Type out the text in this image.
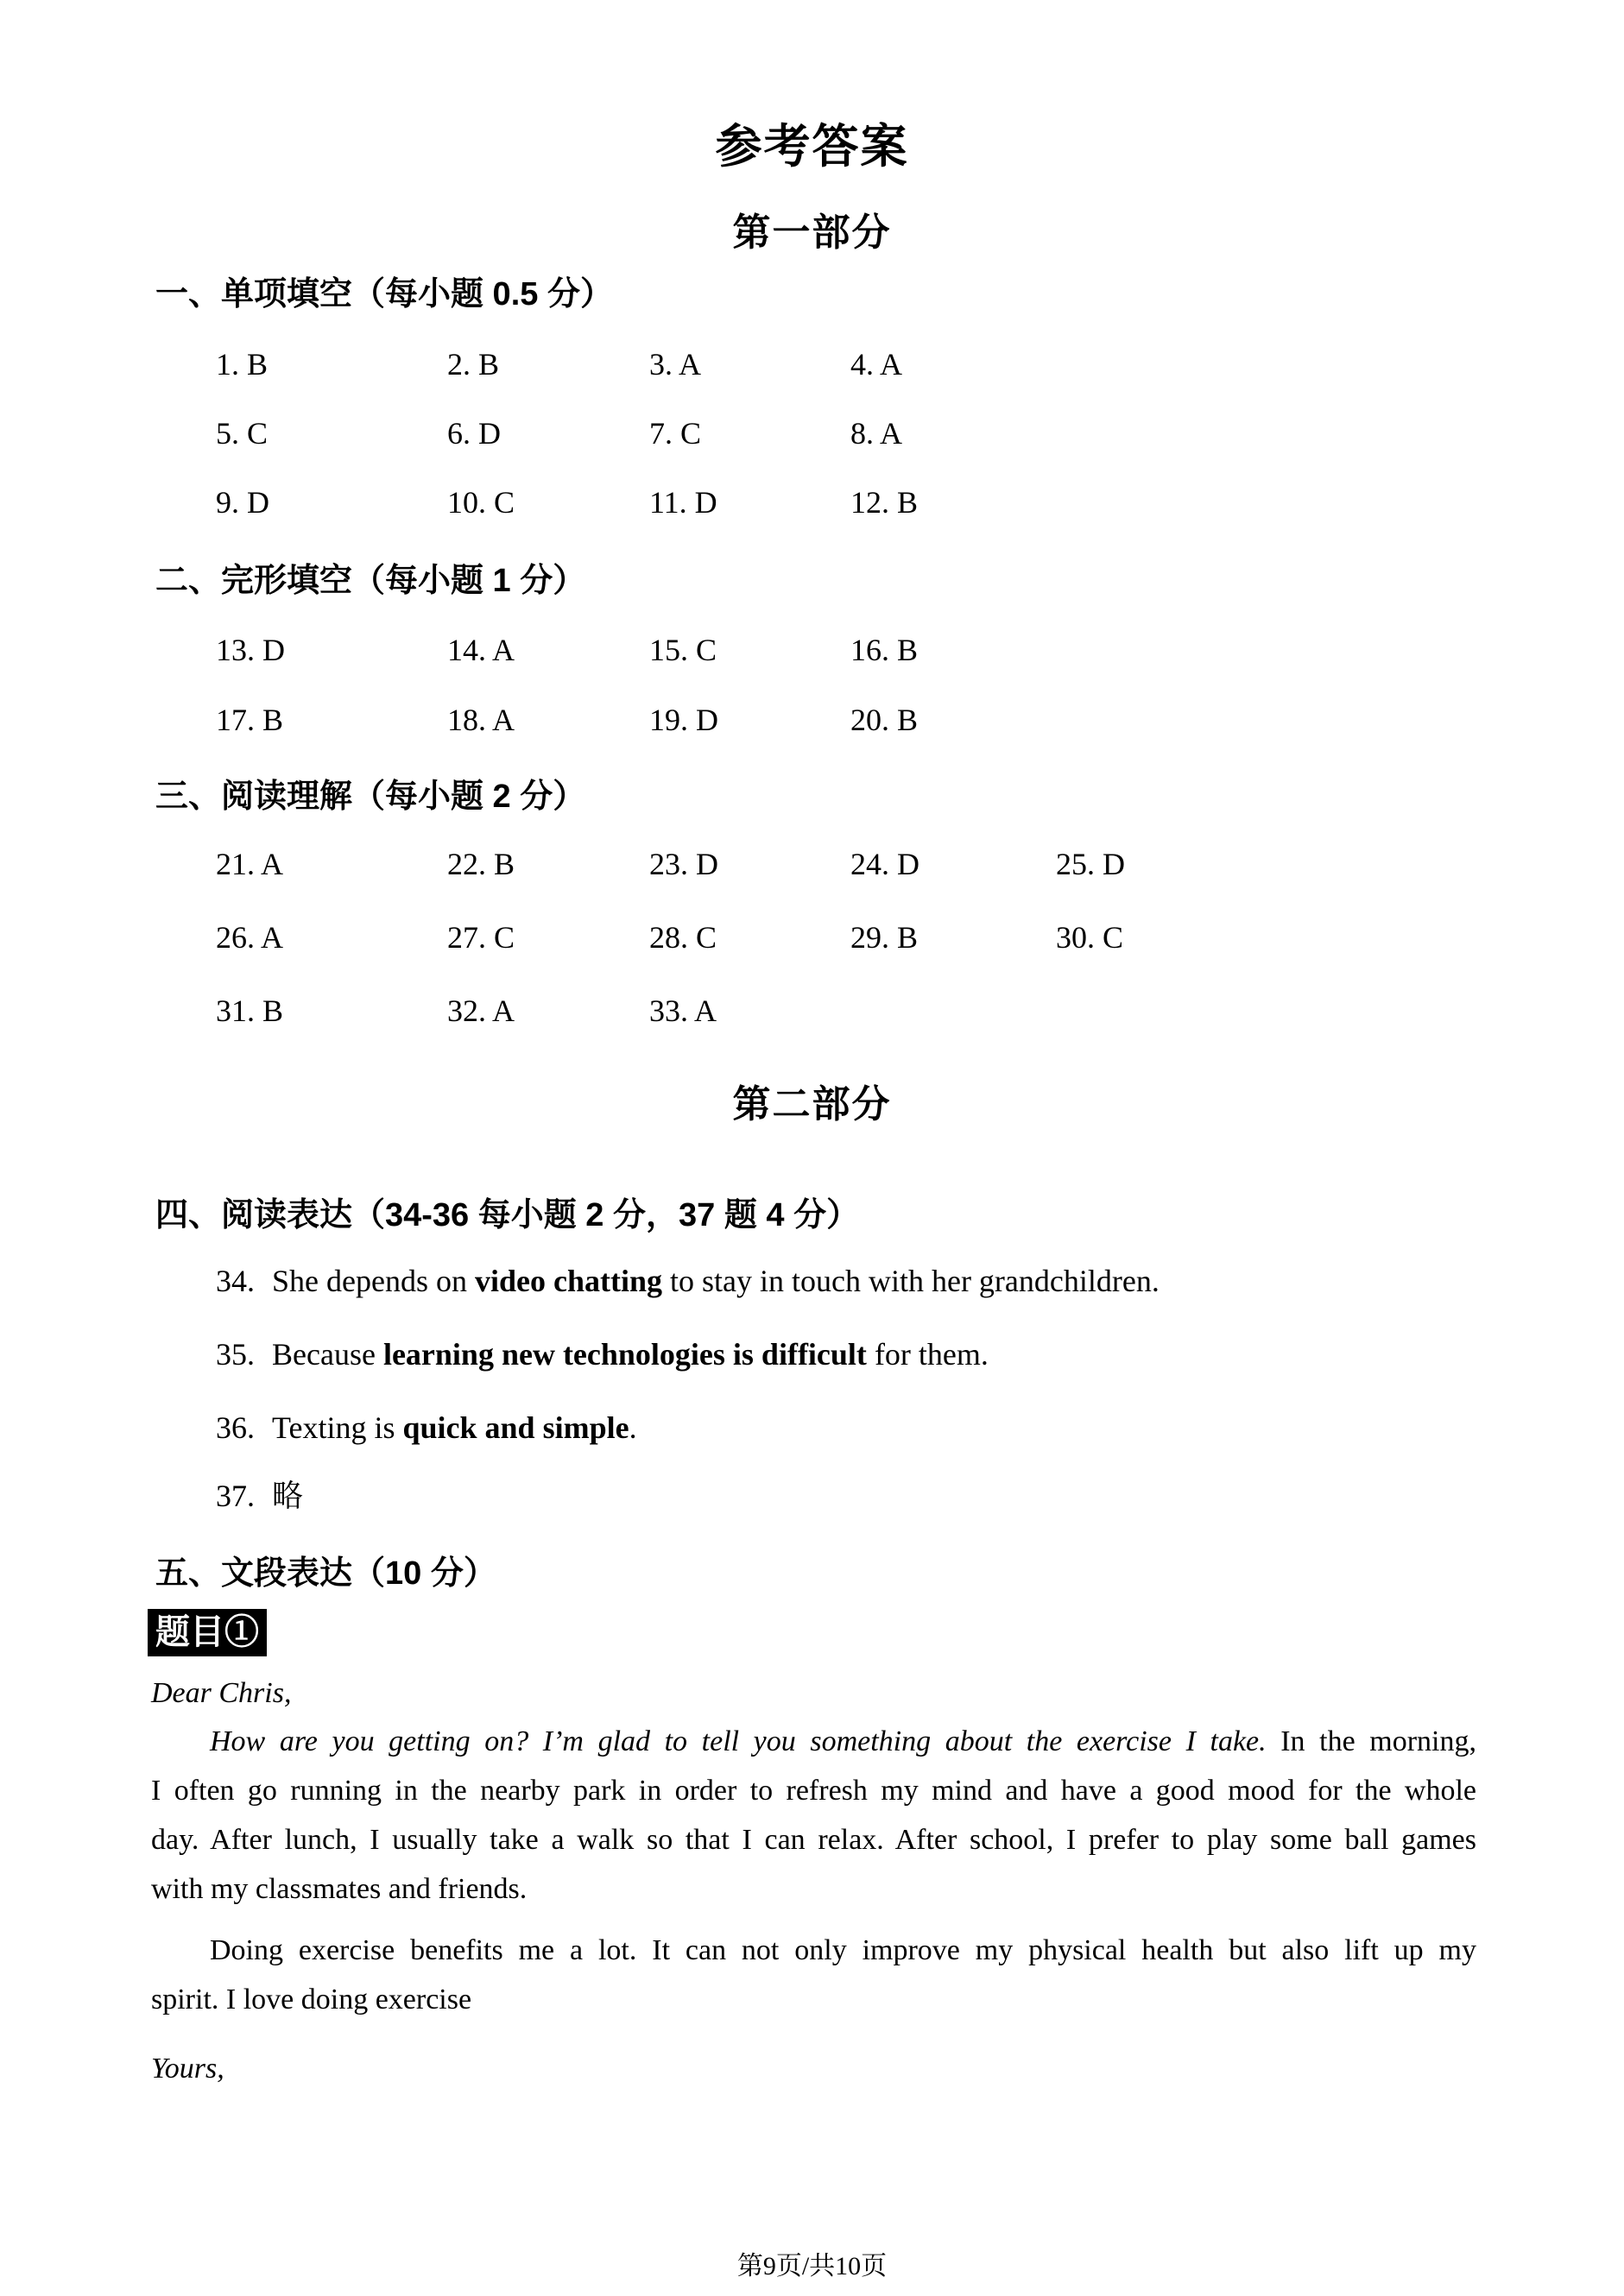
参考答案
第一部分
一、单项填空（每小题 0.5 分）
1. B	2. B	3. A	4. A
5. C	6. D	7. C	8. A
9. D	10. C	11. D	12. B
二、完形填空（每小题 1 分）
13. D	14. A	15. C	16. B
17. B	18. A	19. D	20. B
三、阅读理解（每小题 2 分）
21. A	22. B	23. D	24. D	25. D
26. A	27. C	28. C	29. B	30. C
31. B	32. A	33. A
第二部分
四、阅读表达（34-36 每小题 2 分，37 题 4 分）
34. She depends on video chatting to stay in touch with her grandchildren.
35. Because learning new technologies is difficult for them.
36. Texting is quick and simple.
37. 略
五、文段表达（10 分）
题目①
Dear Chris,
How are you getting on? I’m glad to tell you something about the exercise I take. In the morning,
I often go running in the nearby park in order to refresh my mind and have a good mood for the whole
day. After lunch, I usually take a walk so that I can relax. After school, I prefer to play some ball games
with my classmates and friends.
Doing exercise benefits me a lot. It can not only improve my physical health but also lift up my
spirit. I love doing exercise
Yours,
第9页/共10页
